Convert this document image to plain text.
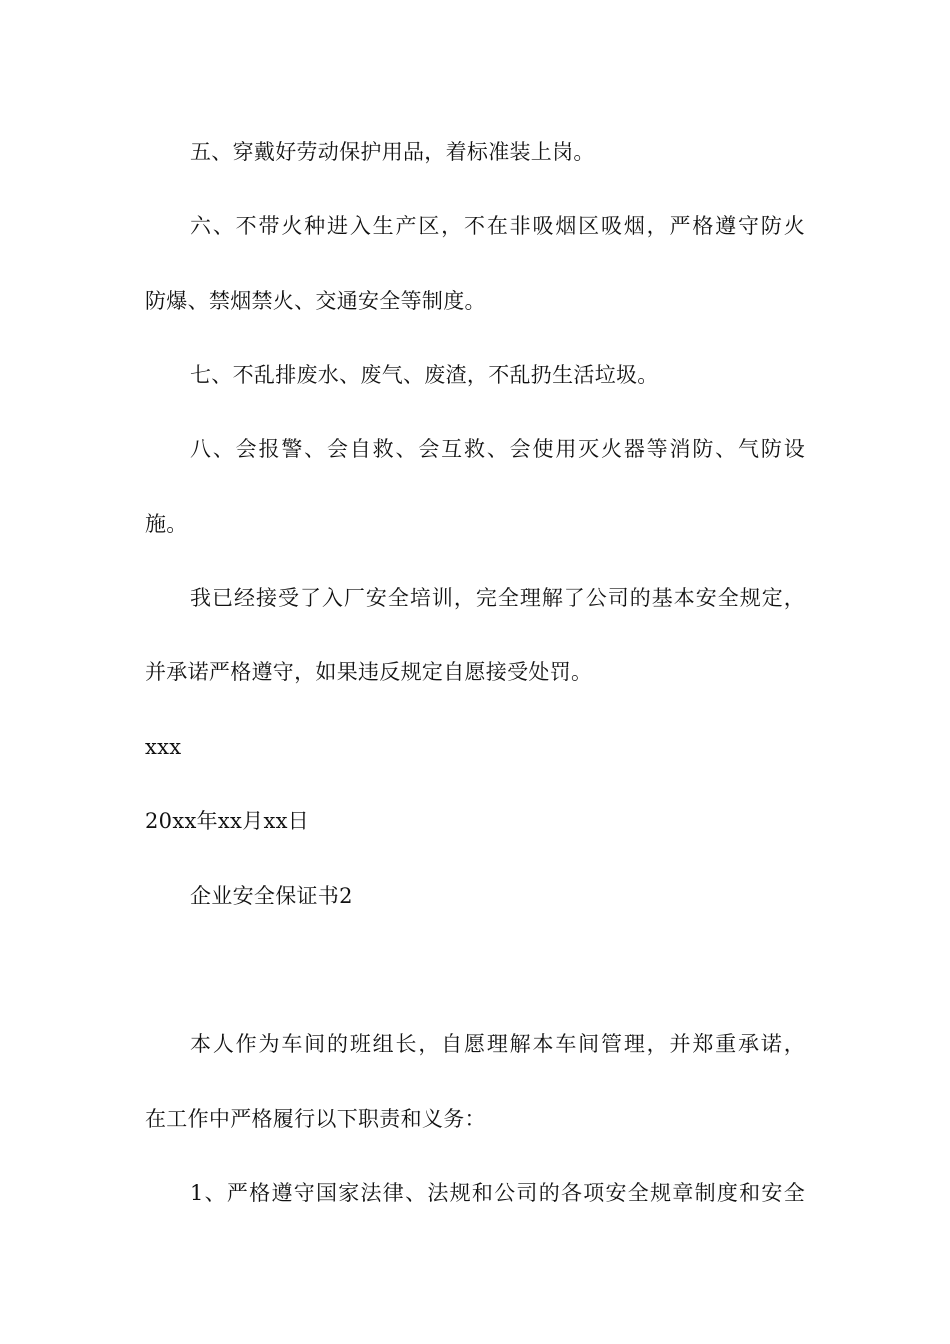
五、穿戴好劳动保护用品，着标准装上岗。
六、不带火种进入生产区，不在非吸烟区吸烟，严格遵守防火
防爆、禁烟禁火、交通安全等制度。
七、不乱排废水、废气、废渣，不乱扔生活垃圾。
八、会报警、会自救、会互救、会使用灭火器等消防、气防设
施。
我已经接受了入厂安全培训，完全理解了公司的基本安全规定，
并承诺严格遵守，如果违反规定自愿接受处罚。
xxx
20xx年xx月xx日
企业安全保证书2
本人作为车间的班组长，自愿理解本车间管理，并郑重承诺，
在工作中严格履行以下职责和义务：
1、严格遵守国家法律、法规和公司的各项安全规章制度和安全
